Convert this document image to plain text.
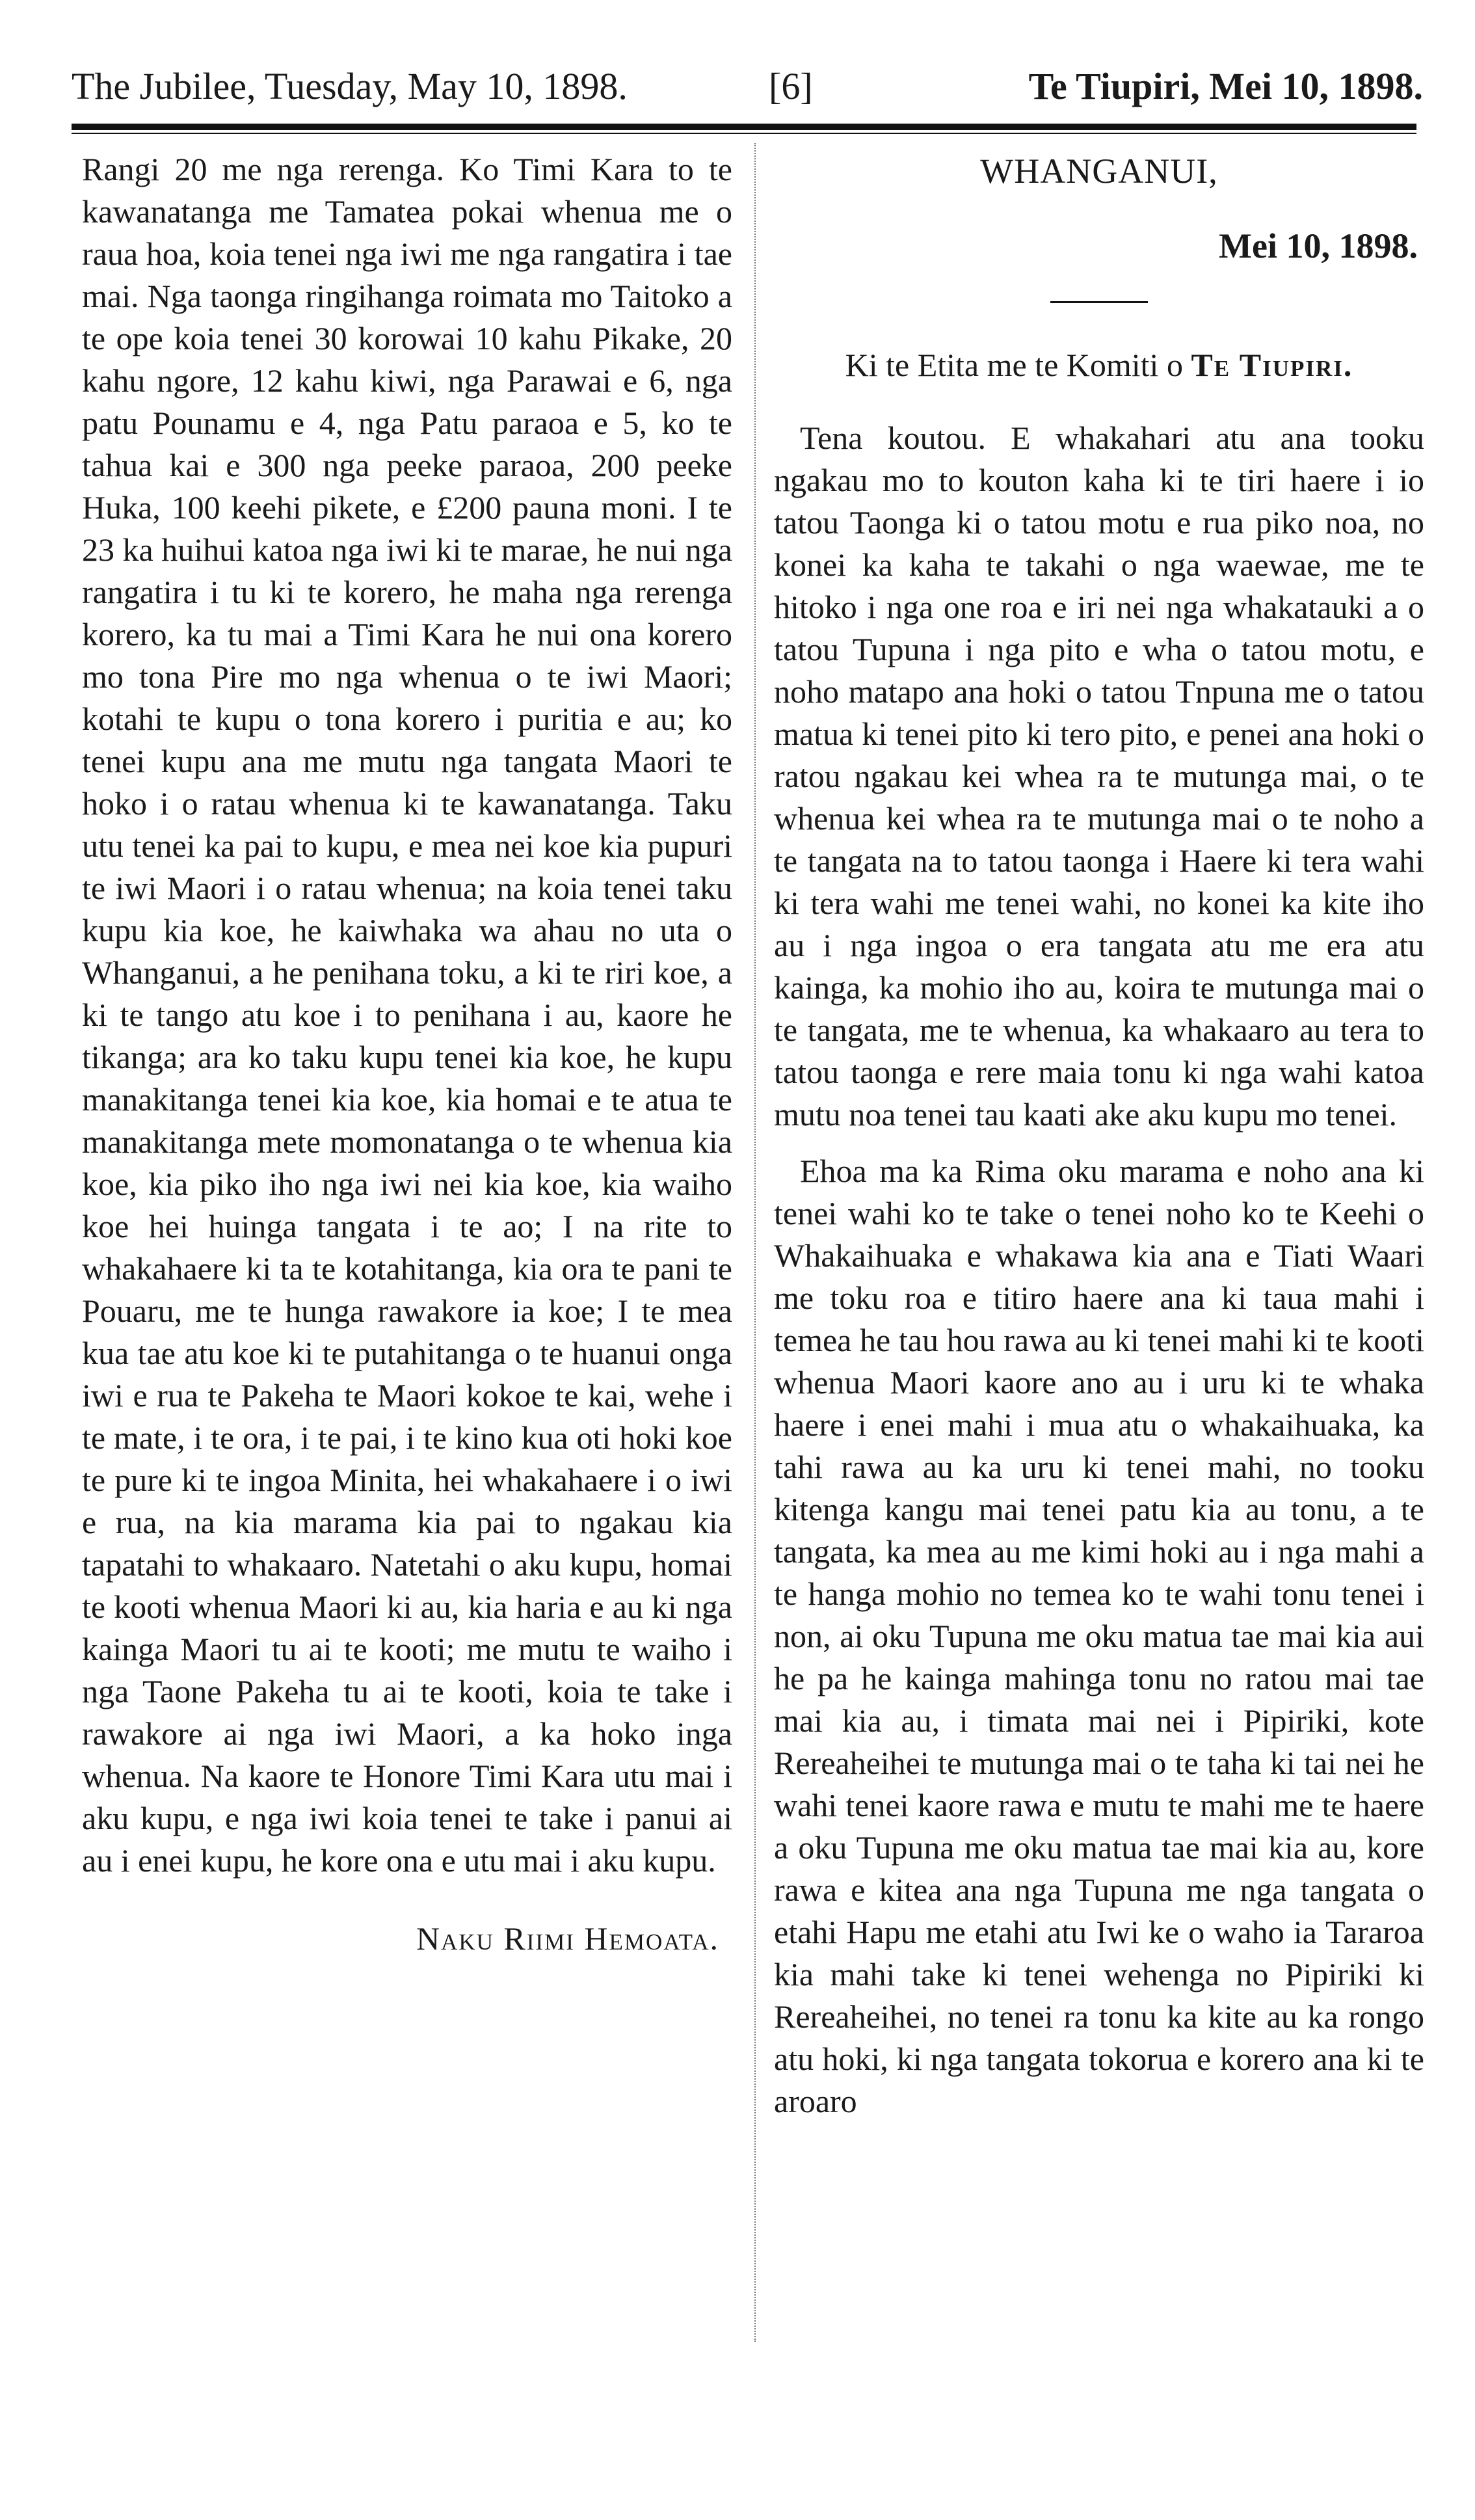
The Jubilee, Tuesday, May 10, 1898.	[6]	Te Tiupiri, Mei 10, 1898.

Rangi 20 me nga rerenga. Ko Timi Kara to te kawanatanga me Tamatea pokai whenua me o raua hoa, koia tenei nga iwi me nga rangatira i tae mai. Nga taonga ringihanga roimata mo Taitoko a te ope koia tenei 30 korowai 10 kahu Pikake, 20 kahu ngore, 12 kahu kiwi, nga Parawai e 6, nga patu Pounamu e 4, nga Patu paraoa e 5, ko te tahua kai e 300 nga peeke paraoa, 200 peeke Huka, 100 keehi pikete, e £200 pauna moni. I te 23 ka huihui katoa nga iwi ki te marae, he nui nga rangatira i tu ki te korero, he maha nga rerenga korero, ka tu mai a Timi Kara he nui ona korero mo tona Pire mo nga whenua o te iwi Maori; kotahi te kupu o tona korero i puritia e au; ko tenei kupu ana me mutu nga tangata Maori te hoko i o ratau whenua ki te kawanatanga. Taku utu tenei ka pai to kupu, e mea nei koe kia pupuri te iwi Maori i o ratau whenua; na koia tenei taku kupu kia koe, he kaiwhaka wa ahau no uta o Whanganui, a he penihana toku, a ki te riri koe, a ki te tango atu koe i to penihana i au, kaore he tikanga; ara ko taku kupu tenei kia koe, he kupu manakitanga tenei kia koe, kia homai e te atua te manakitanga mete momonatanga o te whenua kia koe, kia piko iho nga iwi nei kia koe, kia waiho koe hei huinga tangata i te ao; I na rite to whakahaere ki ta te kotahitanga, kia ora te pani te Pouaru, me te hunga rawakore ia koe; I te mea kua tae atu koe ki te putahitanga o te huanui onga iwi e rua te Pakeha te Maori kokoe te kai, wehe i te mate, i te ora, i te pai, i te kino kua oti hoki koe te pure ki te ingoa Minita, hei whakahaere i o iwi e rua, na kia marama kia pai to ngakau kia tapatahi to whakaaro. Natetahi o aku kupu, homai te kooti whenua Maori ki au, kia haria e au ki nga kainga Maori tu ai te kooti; me mutu te waiho i nga Taone Pakeha tu ai te kooti, koia te take i rawakore ai nga iwi Maori, a ka hoko inga whenua. Na kaore te Honore Timi Kara utu mai i aku kupu, e nga iwi koia tenei te take i panui ai au i enei kupu, he kore ona e utu mai i aku kupu.

Naku Riimi Hemoata.
WHANGANUI,
Mei 10, 1898.
Ki te Etita me te Komiti o Te Tiupiri.

Tena koutou. E whakahari atu ana tooku ngakau mo to kouton kaha ki te tiri haere i io tatou Taonga ki o tatou motu e rua piko noa, no konei ka kaha te takahi o nga waewae, me te hitoko i nga one roa e iri nei nga whakatauki a o tatou Tupuna i nga pito e wha o tatou motu, e noho matapo ana hoki o tatou Tnpuna me o tatou matua ki tenei pito ki tero pito, e penei ana hoki o ratou ngakau kei whea ra te mutunga mai, o te whenua kei whea ra te mutunga mai o te noho a te tangata na to tatou taonga i Haere ki tera wahi ki tera wahi me tenei wahi, no konei ka kite iho au i nga ingoa o era tangata atu me era atu kainga, ka mohio iho au, koira te mutunga mai o te tangata, me te whenua, ka whakaaro au tera to tatou taonga e rere maia tonu ki nga wahi katoa mutu noa tenei tau kaati ake aku kupu mo tenei.

Ehoa ma ka Rima oku marama e noho ana ki tenei wahi ko te take o tenei noho ko te Keehi o Whakaihuaka e whakawa kia ana e Tiati Waari me toku roa e titiro haere ana ki taua mahi i temea he tau hou rawa au ki tenei mahi ki te kooti whenua Maori kaore ano au i uru ki te whaka haere i enei mahi i mua atu o whakaihuaka, ka tahi rawa au ka uru ki tenei mahi, no tooku kitenga kangu mai tenei patu kia au tonu, a te tangata, ka mea au me kimi hoki au i nga mahi a te hanga mohio no temea ko te wahi tonu tenei i non, ai oku Tupuna me oku matua tae mai kia aui he pa he kainga mahinga tonu no ratou mai tae mai kia au, i timata mai nei i Pipiriki, kote Rereaheihei te mutunga mai o te taha ki tai nei he wahi tenei kaore rawa e mutu te mahi me te haere a oku Tupuna me oku matua tae mai kia au, kore rawa e kitea ana nga Tupuna me nga tangata o etahi Hapu me etahi atu Iwi ke o waho ia Tararoa kia mahi take ki tenei wehenga no Pipiriki ki Rereaheihei, no tenei ra tonu ka kite au ka rongo atu hoki, ki nga tangata tokorua e korero ana ki te aroaro
